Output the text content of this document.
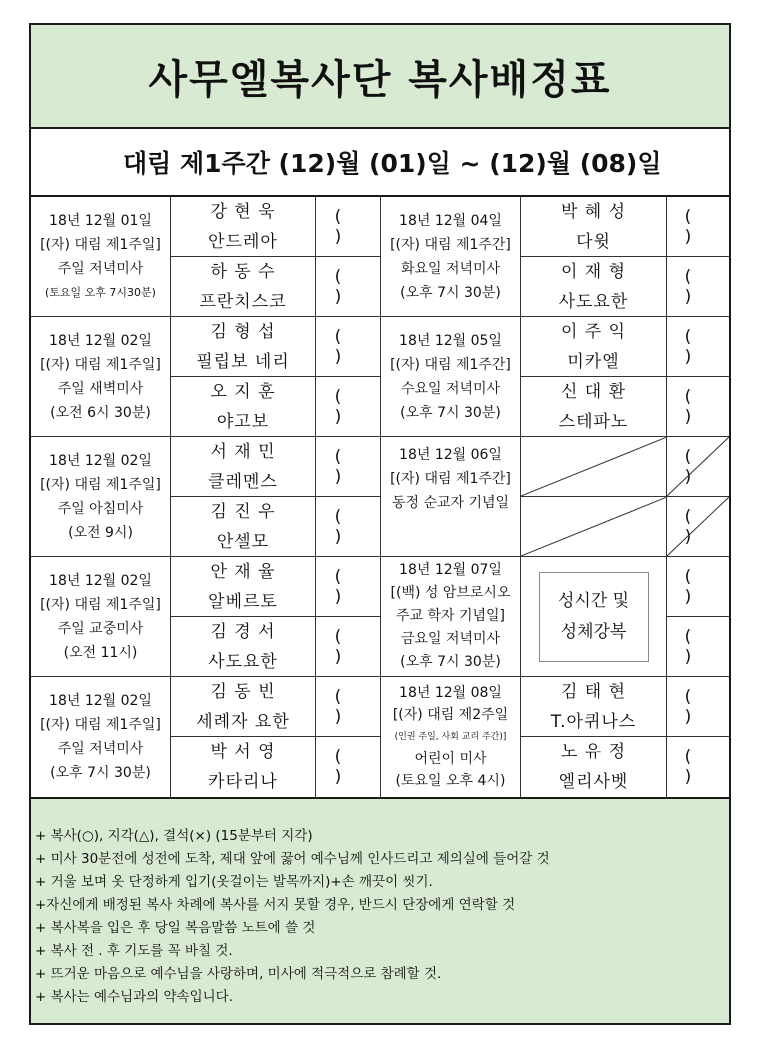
사무엘복사단 복사배정표
대림 제1주간 (12)월 (01)일 ~ (12)월 (08)일
18년 12월 01일
[(자) 대림 제1주일]
주일 저녁미사
(토요일 오후 7시30분)
강 현 욱
안드레아
( )
하 동 수
프란치스코
( )
18년 12월 02일
[(자) 대림 제1주일]
주일 새벽미사
(오전 6시 30분)
김 형 섭
필립보 네리
( )
오 지 훈
야고보
( )
18년 12월 02일
[(자) 대림 제1주일]
주일 아침미사
(오전 9시)
서 재 민
클레멘스
( )
김 진 우
안셀모
( )
18년 12월 02일
[(자) 대림 제1주일]
주일 교중미사
(오전 11시)
안 재 율
알베르토
( )
김 경 서
사도요한
( )
18년 12월 02일
[(자) 대림 제1주일]
주일 저녁미사
(오후 7시 30분)
김 동 빈
세례자 요한
( )
박 서 영
카타리나
( )
18년 12월 04일
[(자) 대림 제1주간]
화요일 저녁미사
(오후 7시 30분)
박 혜 성
다윗
( )
이 재 형
사도요한
( )
18년 12월 05일
[(자) 대림 제1주간]
수요일 저녁미사
(오후 7시 30분)
이 주 익
미카엘
( )
신 대 환
스테파노
( )
18년 12월 06일
[(자) 대림 제1주간]
동정 순교자 기념일
( )
( )
18년 12월 07일
[(백) 성 암브로시오
주교 학자 기념일]
금요일 저녁미사
(오후 7시 30분)
성시간 및
성체강복
( )
( )
18년 12월 08일
[(자) 대림 제2주일
(인권 주일, 사회 교리 주간)]
어린이 미사
(토요일 오후 4시)
김 태 현
T.아퀴나스
( )
노 유 정
엘리사벳
( )
+ 복사(○), 지각(△), 결석(×) (15분부터 지각)
+ 미사 30분전에 성전에 도착, 제대 앞에 꿇어 예수님께 인사드리고 제의실에 들어갈 것
+ 거울 보며 옷 단정하게 입기(옷걸이는 발목까지)+손 깨끗이 씻기.
+자신에게 배정된 복사 차례에 복사를 서지 못할 경우, 반드시 단장에게 연락할 것
+ 복사복을 입은 후 당일 복음말씀 노트에 쓸 것
+ 복사 전 . 후 기도를 꼭 바칠 것.
+ 뜨거운 마음으로 예수님을 사랑하며, 미사에 적극적으로 참례할 것.
+ 복사는 예수님과의 약속입니다.
